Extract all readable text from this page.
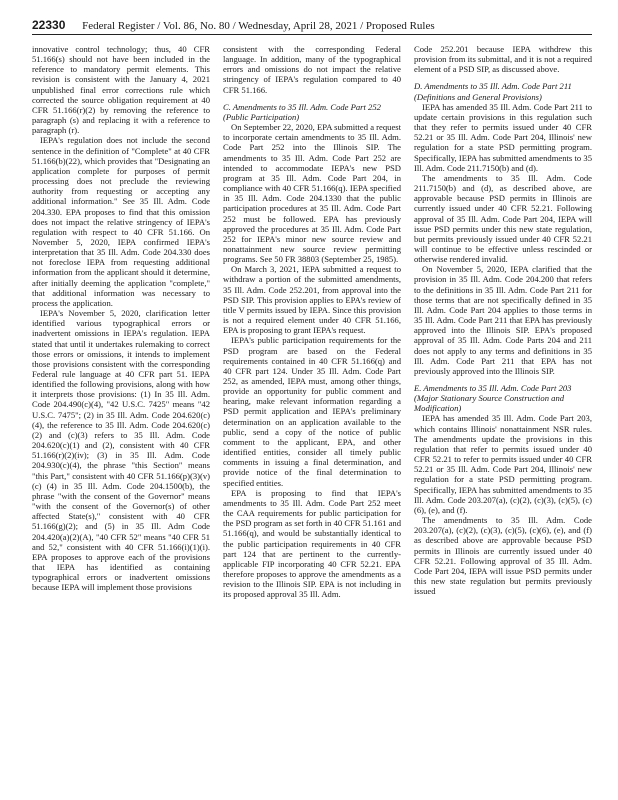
22330 Federal Register / Vol. 86, No. 80 / Wednesday, April 28, 2021 / Proposed Rules

innovative control technology; thus, 40 CFR 51.166(s) should not have been included in the reference to mandatory permit elements. This revision is consistent with the January 4, 2021 unpublished final error corrections rule which corrected the source obligation requirement at 40 CFR 51.166(r)(2) by removing the reference to paragraph (s) and replacing it with a reference to paragraph (r).

IEPA's regulation does not include the second sentence in the definition of "Complete" at 40 CFR 51.166(b)(22), which provides that "Designating an application complete for purposes of permit processing does not preclude the reviewing authority from requesting or accepting any additional information." See 35 Ill. Adm. Code 204.330. EPA proposes to find that this omission does not impact the relative stringency of IEPA's regulation with respect to 40 CFR 51.166. On November 5, 2020, IEPA confirmed IEPA's interpretation that 35 Ill. Adm. Code 204.330 does not foreclose IEPA from requesting additional information from the applicant should it determine, after initially deeming the application "complete," that additional information was necessary to process the application.

IEPA's November 5, 2020, clarification letter identified various typographical errors or inadvertent omissions in IEPA's regulation. IEPA stated that until it undertakes rulemaking to correct those errors or omissions, it intends to implement those provisions consistent with the corresponding Federal rule language at 40 CFR part 51. IEPA identified the following provisions, along with how it interprets those provisions: (1) In 35 Ill. Adm. Code 204.490(c)(4), "42 U.S.C. 7425" means "42 U.S.C. 7475"; (2) in 35 Ill. Adm. Code 204.620(c)(4), the reference to 35 Ill. Adm. Code 204.620(c)(2) and (c)(3) refers to 35 Ill. Adm. Code 204.620(c)(1) and (2), consistent with 40 CFR 51.166(r)(2)(iv); (3) in 35 Ill. Adm. Code 204.930(c)(4), the phrase "this Section" means "this Part," consistent with 40 CFR 51.166(p)(3)(v)(c) (4) in 35 Ill. Adm. Code 204.1500(b), the phrase "with the consent of the Governor" means "with the consent of the Governor(s) of other affected State(s)," consistent with 40 CFR 51.166(g)(2); and (5) in 35 Ill. Adm Code 204.420(a)(2)(A), "40 CFR 52" means "40 CFR 51 and 52," consistent with 40 CFR 51.166(i)(1)(i). EPA proposes to approve each of the provisions that IEPA has identified as containing typographical errors or inadvertent omissions because IEPA will implement those provisions

consistent with the corresponding Federal language. In addition, many of the typographical errors and omissions do not impact the relative stringency of IEPA's regulation compared to 40 CFR 51.166.

C. Amendments to 35 Ill. Adm. Code Part 252 (Public Participation)

On September 22, 2020, EPA submitted a request to incorporate certain amendments to 35 Ill. Adm. Code Part 252 into the Illinois SIP. The amendments to 35 Ill. Adm. Code Part 252 are intended to accommodate IEPA's new PSD program at 35 Ill. Adm. Code Part 204, in compliance with 40 CFR 51.166(q). IEPA specified in 35 Ill. Adm. Code 204.1330 that the public participation procedures at 35 Ill. Adm. Code Part 252 must be followed. EPA has previously approved the procedures at 35 Ill. Adm. Code Part 252 for IEPA's minor new source review and nonattainment new source review permitting programs. See 50 FR 38803 (September 25, 1985).

On March 3, 2021, IEPA submitted a request to withdraw a portion of the submitted amendments, 35 Ill. Adm. Code 252.201, from approval into the PSD SIP. This provision applies to EPA's review of title V permits issued by IEPA. Since this provision is not a required element under 40 CFR 51.166, EPA is proposing to grant IEPA's request.

IEPA's public participation requirements for the PSD program are based on the Federal requirements contained in 40 CFR 51.166(q) and 40 CFR part 124. Under 35 Ill. Adm. Code Part 252, as amended, IEPA must, among other things, provide an opportunity for public comment and hearing, make relevant information regarding a PSD permit application and IEPA's preliminary determination on an application available to the public, send a copy of the notice of public comment to the applicant, EPA, and other identified entities, consider all timely public comments in issuing a final determination, and provide notice of the final determination to specified entities.

EPA is proposing to find that IEPA's amendments to 35 Ill. Adm. Code Part 252 meet the CAA requirements for public participation for the PSD program as set forth in 40 CFR 51.161 and 51.166(q), and would be substantially identical to the public participation requirements in 40 CFR part 124 that are pertinent to the currently-applicable FIP incorporating 40 CFR 52.21. EPA therefore proposes to approve the amendments as a revision to the Illinois SIP. EPA is not including in its proposed approval 35 Ill. Adm.

Code 252.201 because IEPA withdrew this provision from its submittal, and it is not a required element of a PSD SIP, as discussed above.

D. Amendments to 35 Ill. Adm. Code Part 211 (Definitions and General Provisions)

IEPA has amended 35 Ill. Adm. Code Part 211 to update certain provisions in this regulation such that they refer to permits issued under 40 CFR 52.21 or 35 Ill. Adm. Code Part 204, Illinois' new regulation for a state PSD permitting program. Specifically, IEPA has submitted amendments to 35 Ill. Adm. Code 211.7150(b) and (d).

The amendments to 35 Ill. Adm. Code 211.7150(b) and (d), as described above, are approvable because PSD permits in Illinois are currently issued under 40 CFR 52.21. Following approval of 35 Ill. Adm. Code Part 204, IEPA will issue PSD permits under this new state regulation, but permits previously issued under 40 CFR 52.21 will continue to be effective unless rescinded or otherwise rendered invalid.

On November 5, 2020, IEPA clarified that the provision in 35 Ill. Adm. Code 204.200 that refers to the definitions in 35 Ill. Adm. Code Part 211 for those terms that are not specifically defined in 35 Ill. Adm. Code Part 204 applies to those terms in 35 Ill. Adm. Code Part 211 that EPA has previously approved into the Illinois SIP. EPA's proposed approval of 35 Ill. Adm. Code Parts 204 and 211 does not apply to any terms and definitions in 35 Ill. Adm. Code Part 211 that EPA has not previously approved into the Illinois SIP.

E. Amendments to 35 Ill. Adm. Code Part 203 (Major Stationary Source Construction and Modification)

IEPA has amended 35 Ill. Adm. Code Part 203, which contains Illinois' nonattainment NSR rules. The amendments update the provisions in this regulation that refer to permits issued under 40 CFR 52.21 to refer to permits issued under 40 CFR 52.21 or 35 Ill. Adm. Code Part 204, Illinois' new regulation for a state PSD permitting program. Specifically, IEPA has submitted amendments to 35 Ill. Adm. Code 203.207(a), (c)(2), (c)(3), (c)(5), (c)(6), (e), and (f).

The amendments to 35 Ill. Adm. Code 203.207(a), (c)(2), (c)(3), (c)(5), (c)(6), (e), and (f) as described above are approvable because PSD permits in Illinois are currently issued under 40 CFR 52.21. Following approval of 35 Ill. Adm. Code Part 204, IEPA will issue PSD permits under this new state regulation but permits previously issued
